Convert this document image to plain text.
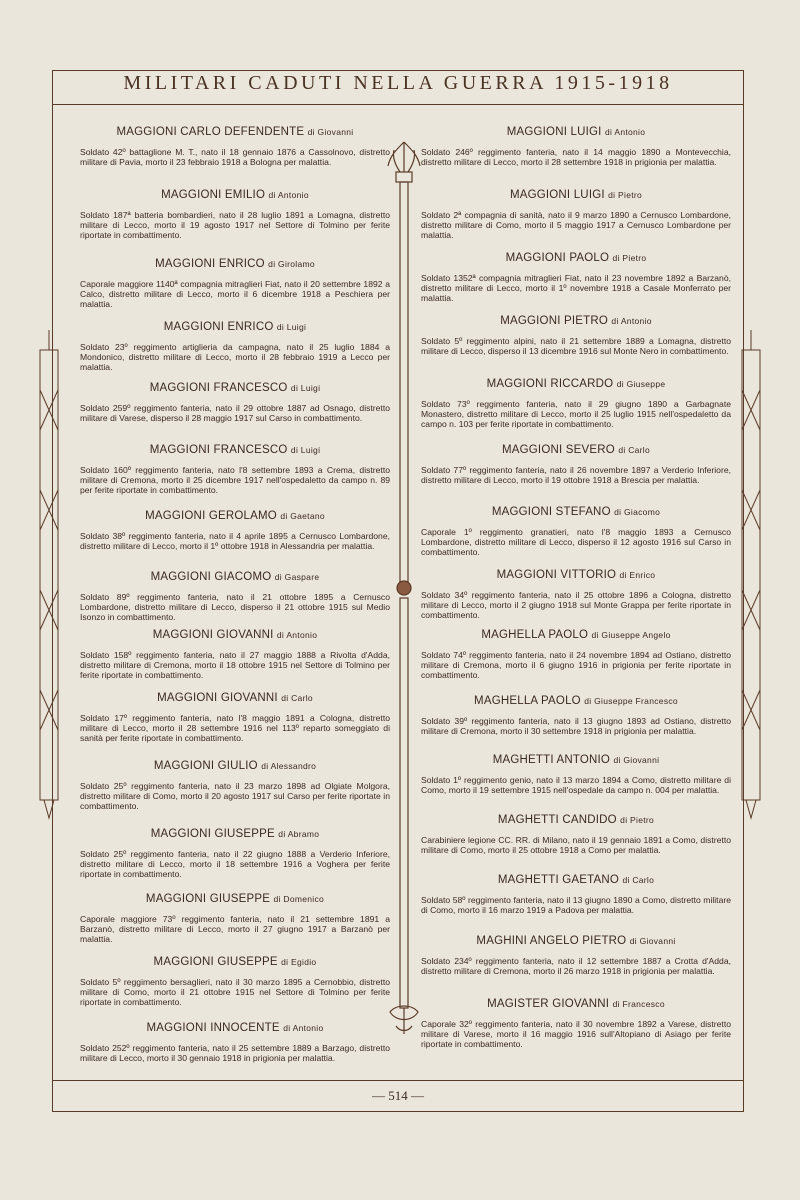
MILITARI CADUTI NELLA GUERRA 1915-1918
MAGGIONI CARLO DEFENDENTE di Giovanni
Soldato 42º battaglione M. T., nato il 18 gennaio 1876 a Cassolnovo, distretto militare di Pavia, morto il 23 febbraio 1918 a Bologna per malattia.
MAGGIONI EMILIO di Antonio
Soldato 187ª batteria bombardieri, nato il 28 luglio 1891 a Lomagna, distretto militare di Lecco, morto il 19 agosto 1917 nel Settore di Tolmino per ferite riportate in combattimento.
MAGGIONI ENRICO di Girolamo
Caporale maggiore 1140ª compagnia mitraglieri Fiat, nato il 20 settembre 1892 a Calco, distretto militare di Lecco, morto il 6 dicembre 1918 a Peschiera per malattia.
MAGGIONI ENRICO di Luigi
Soldato 23º reggimento artiglieria da campagna, nato il 25 luglio 1884 a Mondonico, distretto militare di Lecco, morto il 28 febbraio 1919 a Lecco per malattia.
MAGGIONI FRANCESCO di Luigi
Soldato 259º reggimento fanteria, nato il 29 ottobre 1887 ad Osnago, distretto militare di Varese, disperso il 28 maggio 1917 sul Carso in combattimento.
MAGGIONI FRANCESCO di Luigi
Soldato 160º reggimento fanteria, nato l'8 settembre 1893 a Crema, distretto militare di Cremona, morto il 25 dicembre 1917 nell'ospedaletto da campo n. 89 per ferite riportate in combattimento.
MAGGIONI GEROLAMO di Gaetano
Soldato 38º reggimento fanteria, nato il 4 aprile 1895 a Cernusco Lombardone, distretto militare di Lecco, morto il 1º ottobre 1918 in Alessandria per malattia.
MAGGIONI GIACOMO di Gaspare
Soldato 89º reggimento fanteria, nato il 21 ottobre 1895 a Cernusco Lombardone, distretto militare di Lecco, disperso il 21 ottobre 1915 sul Medio Isonzo in combattimento.
MAGGIONI GIOVANNI di Antonio
Soldato 158º reggimento fanteria, nato il 27 maggio 1888 a Rivolta d'Adda, distretto militare di Cremona, morto il 18 ottobre 1915 nel Settore di Tolmino per ferite riportate in combattimento.
MAGGIONI GIOVANNI di Carlo
Soldato 17º reggimento fanteria, nato l'8 maggio 1891 a Cologna, distretto militare di Lecco, morto il 28 settembre 1916 nel 113º reparto someggiato di sanità per ferite riportate in combattimento.
MAGGIONI GIULIO di Alessandro
Soldato 25º reggimento fanteria, nato il 23 marzo 1898 ad Olgiate Molgora, distretto militare di Como, morto il 20 agosto 1917 sul Carso per ferite riportate in combattimento.
MAGGIONI GIUSEPPE di Abramo
Soldato 25º reggimento fanteria, nato il 22 giugno 1888 a Verderio Inferiore, distretto militare di Lecco, morto il 18 settembre 1916 a Voghera per ferite riportate in combattimento.
MAGGIONI GIUSEPPE di Domenico
Caporale maggiore 73º reggimento fanteria, nato il 21 settembre 1891 a Barzanò, distretto militare di Lecco, morto il 27 giugno 1917 a Barzanò per malattia.
MAGGIONI GIUSEPPE di Egidio
Soldato 5º reggimento bersaglieri, nato il 30 marzo 1895 a Cernobbio, distretto militare di Como, morto il 21 ottobre 1915 nel Settore di Tolmino per ferite riportate in combattimento.
MAGGIONI INNOCENTE di Antonio
Soldato 252º reggimento fanteria, nato il 25 settembre 1889 a Barzago, distretto militare di Lecco, morto il 30 gennaio 1918 in prigionia per malattia.
MAGGIONI LUIGI di Antonio
Soldato 246º reggimento fanteria, nato il 14 maggio 1890 a Montevecchia, distretto militare di Lecco, morto il 28 settembre 1918 in prigionia per malattia.
MAGGIONI LUIGI di Pietro
Soldato 2ª compagnia di sanità, nato il 9 marzo 1890 a Cernusco Lombardone, distretto militare di Como, morto il 5 maggio 1917 a Cernusco Lombardone per malattia.
MAGGIONI PAOLO di Pietro
Soldato 1352ª compagnia mitraglieri Fiat, nato il 23 novembre 1892 a Barzanò, distretto militare di Lecco, morto il 1º novembre 1918 a Casale Monferrato per malattia.
MAGGIONI PIETRO di Antonio
Soldato 5º reggimento alpini, nato il 21 settembre 1889 a Lomagna, distretto militare di Lecco, disperso il 13 dicembre 1916 sul Monte Nero in combattimento.
MAGGIONI RICCARDO di Giuseppe
Soldato 73º reggimento fanteria, nato il 29 giugno 1890 a Garbagnate Monastero, distretto militare di Lecco, morto il 25 luglio 1915 nell'ospedaletto da campo n. 103 per ferite riportate in combattimento.
MAGGIONI SEVERO di Carlo
Soldato 77º reggimento fanteria, nato il 26 novembre 1897 a Verderio Inferiore, distretto militare di Lecco, morto il 19 ottobre 1918 a Brescia per malattia.
MAGGIONI STEFANO di Giacomo
Caporale 1º reggimento granatieri, nato l'8 maggio 1893 a Cernusco Lombardone, distretto militare di Lecco, disperso il 12 agosto 1916 sul Carso in combattimento.
MAGGIONI VITTORIO di Enrico
Soldato 34º reggimento fanteria, nato il 25 ottobre 1896 a Cologna, distretto militare di Lecco, morto il 2 giugno 1918 sul Monte Grappa per ferite riportate in combattimento.
MAGHELLA PAOLO di Giuseppe Angelo
Soldato 74º reggimento fanteria, nato il 24 novembre 1894 ad Ostiano, distretto militare di Cremona, morto il 6 giugno 1916 in prigionia per ferite riportate in combattimento.
MAGHELLA PAOLO di Giuseppe Francesco
Soldato 39º reggimento fanteria, nato il 13 giugno 1893 ad Ostiano, distretto militare di Cremona, morto il 30 settembre 1918 in prigionia per malattia.
MAGHETTI ANTONIO di Giovanni
Soldato 1º reggimento genio, nato il 13 marzo 1894 a Como, distretto militare di Como, morto il 19 settembre 1915 nell'ospedale da campo n. 004 per malattia.
MAGHETTI CANDIDO di Pietro
Carabiniere legione CC. RR. di Milano, nato il 19 gennaio 1891 a Como, distretto militare di Como, morto il 25 ottobre 1918 a Como per malattia.
MAGHETTI GAETANO di Carlo
Soldato 58º reggimento fanteria, nato il 13 giugno 1890 a Como, distretto militare di Como, morto il 16 marzo 1919 a Padova per malattia.
MAGHINI ANGELO PIETRO di Giovanni
Soldato 234º reggimento fanteria, nato il 12 settembre 1887 a Crotta d'Adda, distretto militare di Cremona, morto il 26 marzo 1918 in prigionia per malattia.
MAGISTER GIOVANNI di Francesco
Caporale 32º reggimento fanteria, nato il 30 novembre 1892 a Varese, distretto militare di Varese, morto il 16 maggio 1916 sull'Altopiano di Asiago per ferite riportate in combattimento.
— 514 —
